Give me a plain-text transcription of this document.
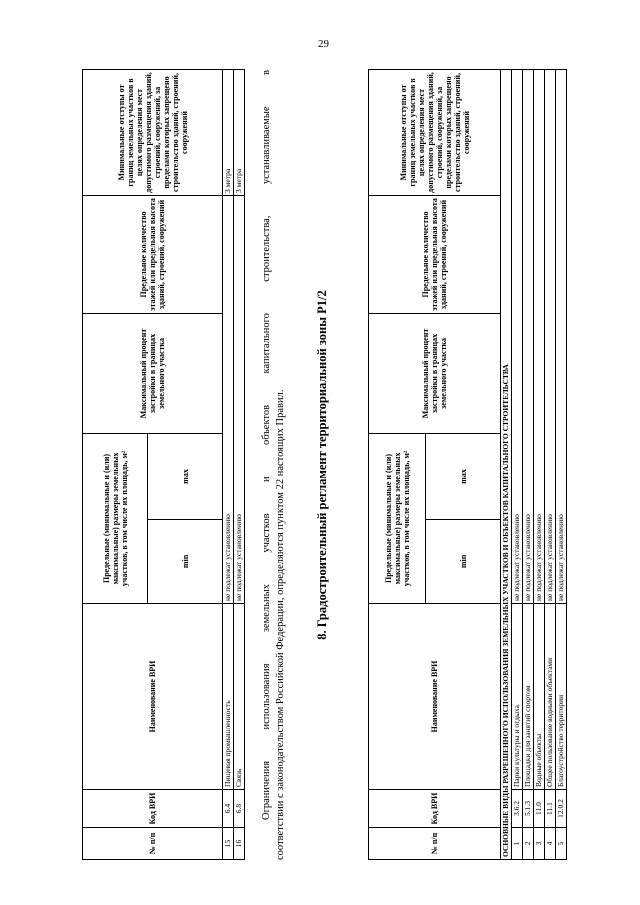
29
№ п/п	Код ВРИ	Наименование ВРИ	Предельные (минимальные и (или) максимальные) размеры земельных участков, в том числе их площадь, м²		Максимальный процент застройки в границах земельного участка	Предельное количество этажей или предельная высота зданий, строений, сооружений	Минимальные отступы от границ земельных участков в целях определения мест допустимого размещения зданий, строений, сооружений, за пределами которых запрещено строительство зданий, строений, сооружений
			min	max			
15	6.4	Пищевая промышленность	не подлежат установлению				3 метра
16	6.8	Связь	не подлежат установлению				3 метра Ограничения использования земельных участков и объектов капитального строительства, устанавливаемые в соответствии с законодательством Российской Федерации, определяются пунктом 22 настоящих Правил. 8. Градостроительный регламент территориальной зоны Р1/2
№ п/п	Код ВРИ	Наименование ВРИ	Предельные (минимальные и (или) максимальные) размеры земельных участков, в том числе их площадь, м²		Максимальный процент застройки в границах земельного участка	Предельное количество этажей или предельная высота зданий, строений, сооружений	Минимальные отступы от границ земельных участков в целях определения мест допустимого размещения зданий, строений, сооружений, за пределами которых запрещено строительство зданий, строений, сооружений
			min	max			
ОСНОВНЫЕ ВИДЫ РАЗРЕШЕННОГО ИСПОЛЬЗОВАНИЯ ЗЕМЕЛЬНЫХ УЧАСТКОВ И ОБЪЕКТОВ КАПИТАЛЬНОГО СТРОИТЕЛЬСТВА							
1	3.6.2	Парки культуры и отдыха	не подлежат установлению				
2	5.1.3	Площадки для занятий спортом	не подлежат установлению				
3	11.0	Водные объекты	не подлежат установлению				
4	11.1	Общее пользование водными объектами	не подлежат установлению				
5	12.0.2	Благоустройство территории	не подлежат установлению				
